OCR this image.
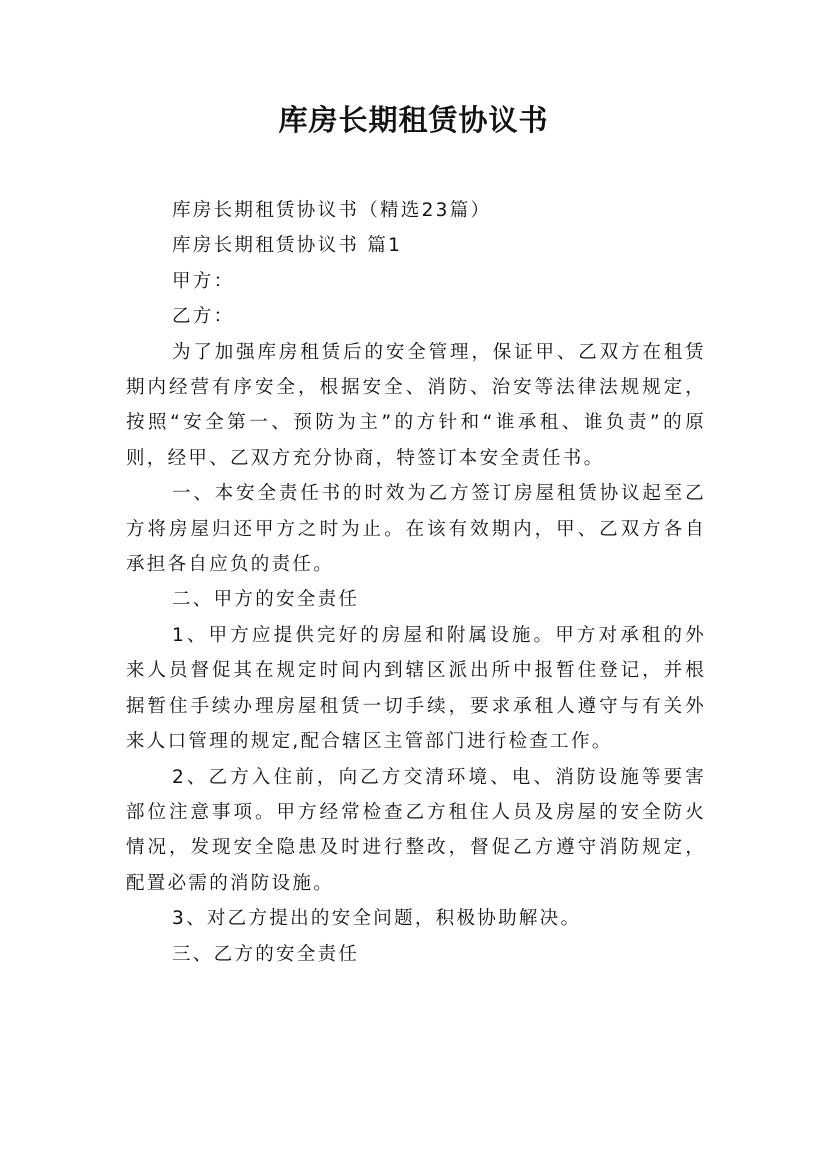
库房长期租赁协议书

库房长期租赁协议书（精选23篇）

库房长期租赁协议书 篇1

甲方：

乙方：

为了加强库房租赁后的安全管理，保证甲、乙双方在租赁期内经营有序安全，根据安全、消防、治安等法律法规规定，按照“安全第一、预防为主”的方针和“谁承租、谁负责”的原则，经甲、乙双方充分协商，特签订本安全责任书。

一、本安全责任书的时效为乙方签订房屋租赁协议起至乙方将房屋归还甲方之时为止。在该有效期内，甲、乙双方各自承担各自应负的责任。

二、甲方的安全责任

1、甲方应提供完好的房屋和附属设施。甲方对承租的外来人员督促其在规定时间内到辖区派出所中报暂住登记，并根据暂住手续办理房屋租赁一切手续，要求承租人遵守与有关外来人口管理的规定,配合辖区主管部门进行检查工作。

2、乙方入住前，向乙方交清环境、电、消防设施等要害部位注意事项。甲方经常检查乙方租住人员及房屋的安全防火情况，发现安全隐患及时进行整改，督促乙方遵守消防规定，配置必需的消防设施。

3、对乙方提出的安全问题，积极协助解决。

三、乙方的安全责任
